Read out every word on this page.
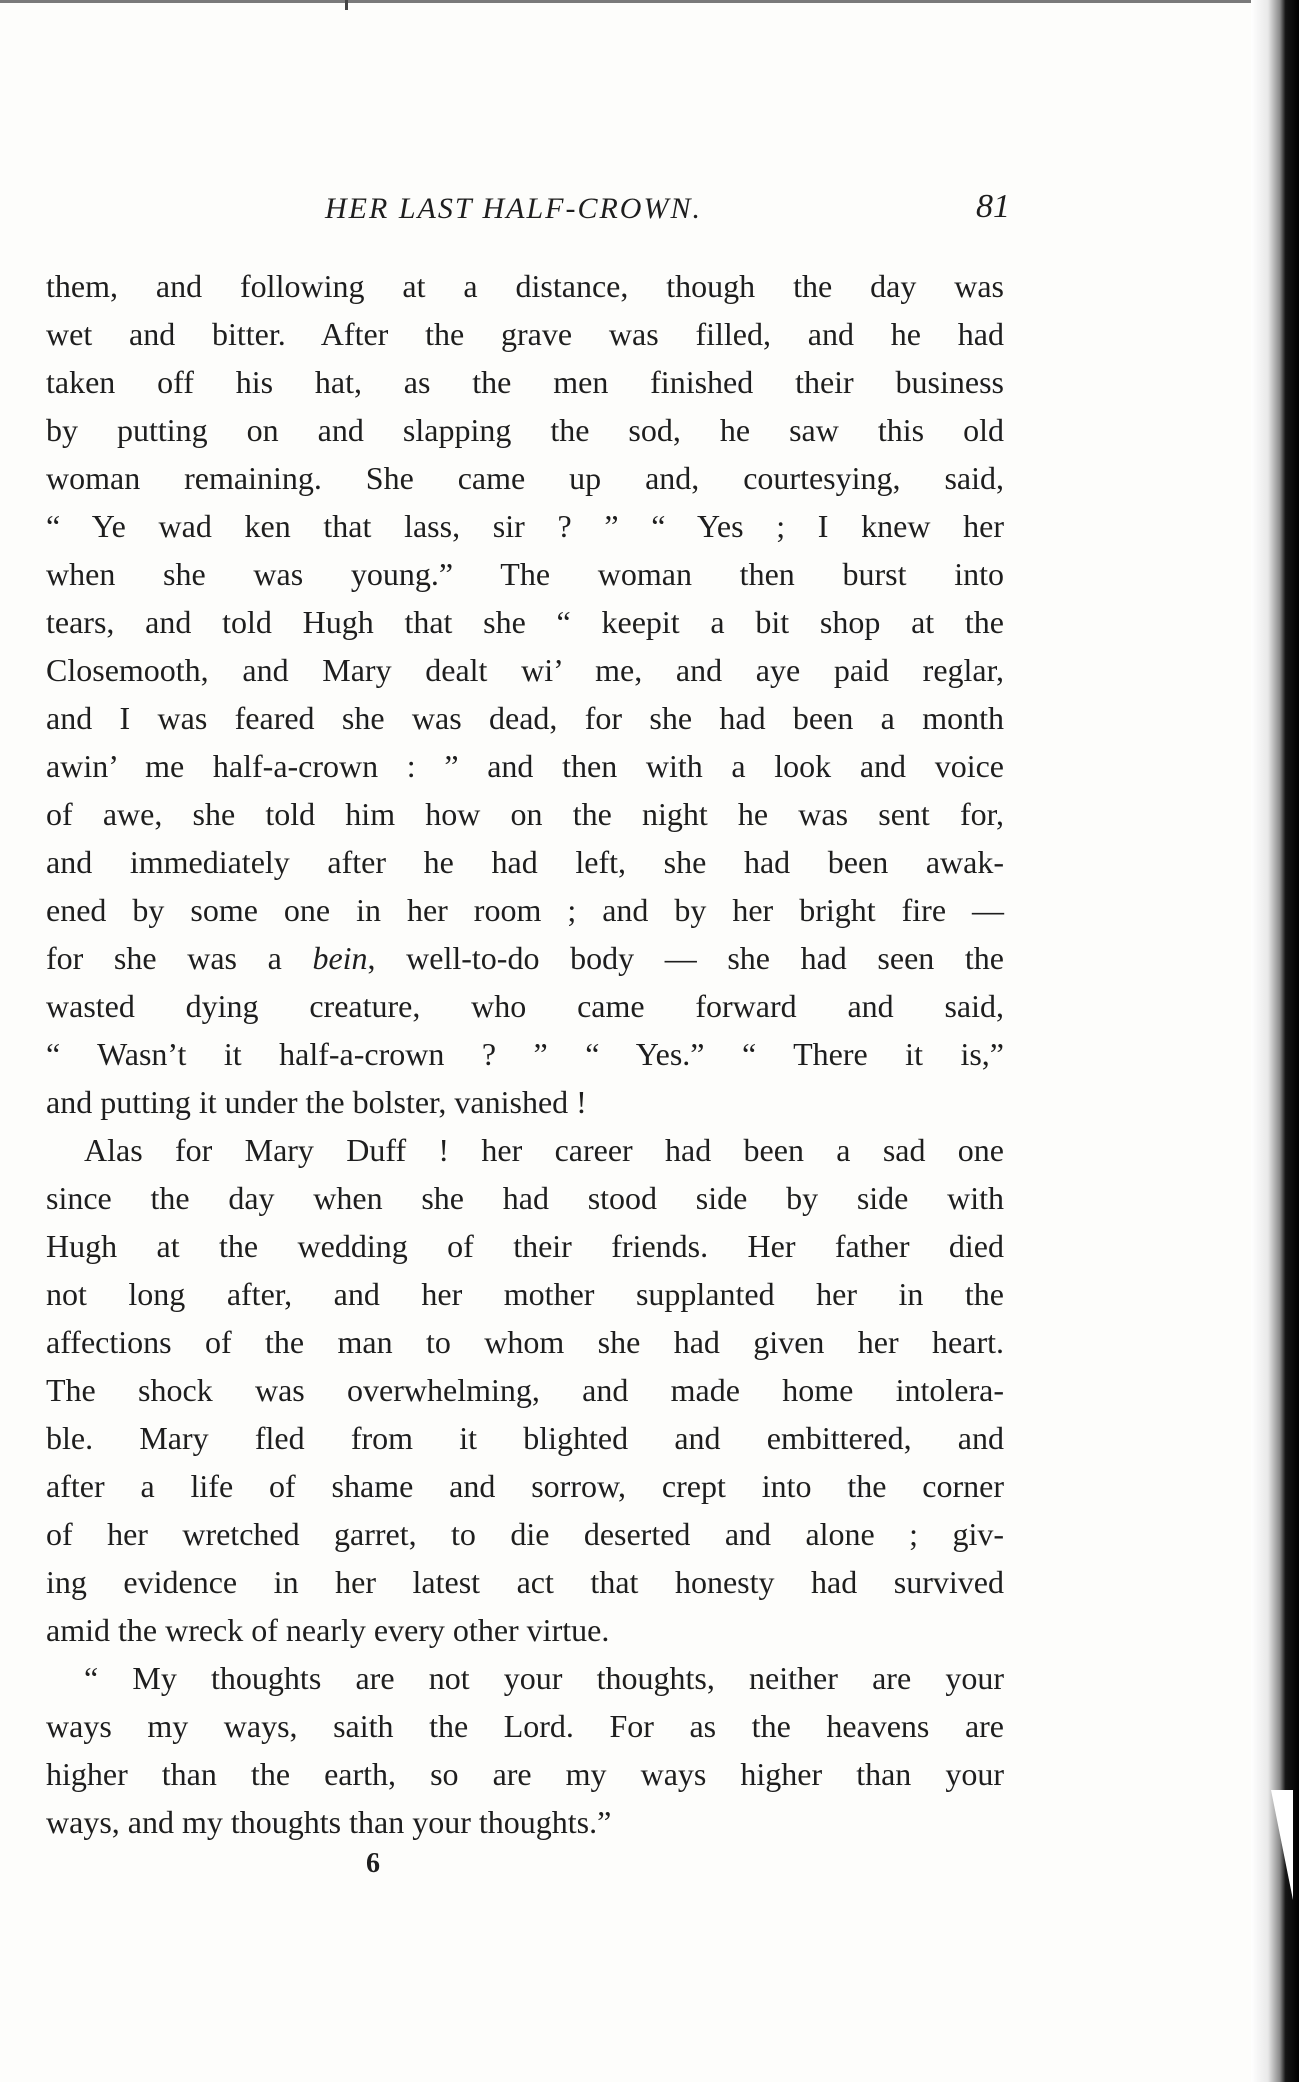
HER LAST HALF-CROWN.	81
them, and following at a distance, though the day was
wet and bitter. After the grave was filled, and he had
taken off his hat, as the men finished their business
by putting on and slapping the sod, he saw this old
woman remaining. She came up and, courtesying, said,
“ Ye wad ken that lass, sir ? ” “ Yes ; I knew her
when she was young.” The woman then burst into
tears, and told Hugh that she “ keepit a bit shop at the
Closemooth, and Mary dealt wi’ me, and aye paid reglar,
and I was feared she was dead, for she had been a month
awin’ me half-a-crown : ” and then with a look and voice
of awe, she told him how on the night he was sent for,
and immediately after he had left, she had been awak-
ened by some one in her room ; and by her bright fire —
for she was a bein, well-to-do body — she had seen the
wasted dying creature, who came forward and said,
“ Wasn’t it half-a-crown ? ” “ Yes.” “ There it is,”
and putting it under the bolster, vanished !
Alas for Mary Duff ! her career had been a sad one
since the day when she had stood side by side with
Hugh at the wedding of their friends. Her father died
not long after, and her mother supplanted her in the
affections of the man to whom she had given her heart.
The shock was overwhelming, and made home intolera-
ble. Mary fled from it blighted and embittered, and
after a life of shame and sorrow, crept into the corner
of her wretched garret, to die deserted and alone ; giv-
ing evidence in her latest act that honesty had survived
amid the wreck of nearly every other virtue.
“ My thoughts are not your thoughts, neither are your
ways my ways, saith the Lord. For as the heavens are
higher than the earth, so are my ways higher than your
ways, and my thoughts than your thoughts.”
6
